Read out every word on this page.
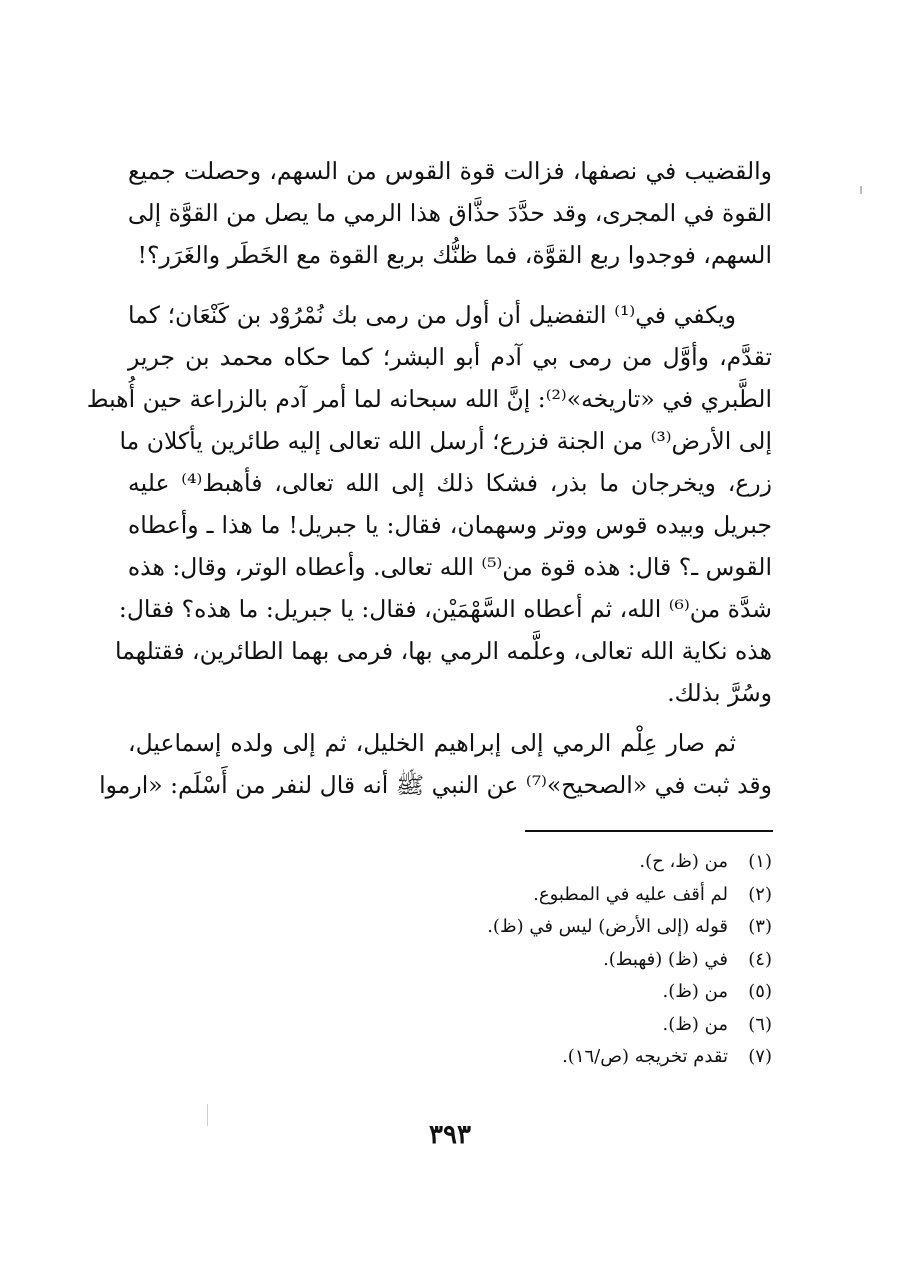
والقضيب في نصفها، فزالت قوة القوس من السهم، وحصلت جميع
القوة في المجرى، وقد حدَّدَ حذَّاق هذا الرمي ما يصل من القوَّة إلى
السهم، فوجدوا ربع القوَّة، فما ظنُّك بربع القوة مع الخَطَر والغَرَر؟!
ويكفي في⁽¹⁾ التفضيل أن أول من رمى بك نُمْرُوْد بن كَنْعَان؛ كما
تقدَّم، وأوَّل من رمى بي آدم أبو البشر؛ كما حكاه محمد بن جرير
الطَّبري في «تاريخه»⁽²⁾: إنَّ الله سبحانه لما أمر آدم بالزراعة حين أُهبط
إلى الأرض⁽³⁾ من الجنة فزرع؛ أرسل الله تعالى إليه طائرين يأكلان ما
زرع، ويخرجان ما بذر، فشكا ذلك إلى الله تعالى، فأهبط⁽⁴⁾ عليه
جبريل وبيده قوس ووتر وسهمان، فقال: يا جبريل! ما هذا ـ وأعطاه
القوس ـ؟ قال: هذه قوة من⁽⁵⁾ الله تعالى. وأعطاه الوتر، وقال: هذه
شدَّة من⁽⁶⁾ الله، ثم أعطاه السَّهْمَيْن، فقال: يا جبريل: ما هذه؟ فقال:
هذه نكاية الله تعالى، وعلَّمه الرمي بها، فرمى بهما الطائرين، فقتلهما
وسُرَّ بذلك.
ثم صار عِلْم الرمي إلى إبراهيم الخليل، ثم إلى ولده إسماعيل،
وقد ثبت في «الصحيح»⁽⁷⁾ عن النبي ﷺ أنه قال لنفر من أَسْلَم: «ارموا
(١)من (ظ، ح).
(٢)لم أقف عليه في المطبوع.
(٣)قوله (إلى الأرض) ليس في (ظ).
(٤)في (ظ) (فهبط).
(٥)من (ظ).
(٦)من (ظ).
(٧)تقدم تخريجه (ص/١٦).
٣٩٣
